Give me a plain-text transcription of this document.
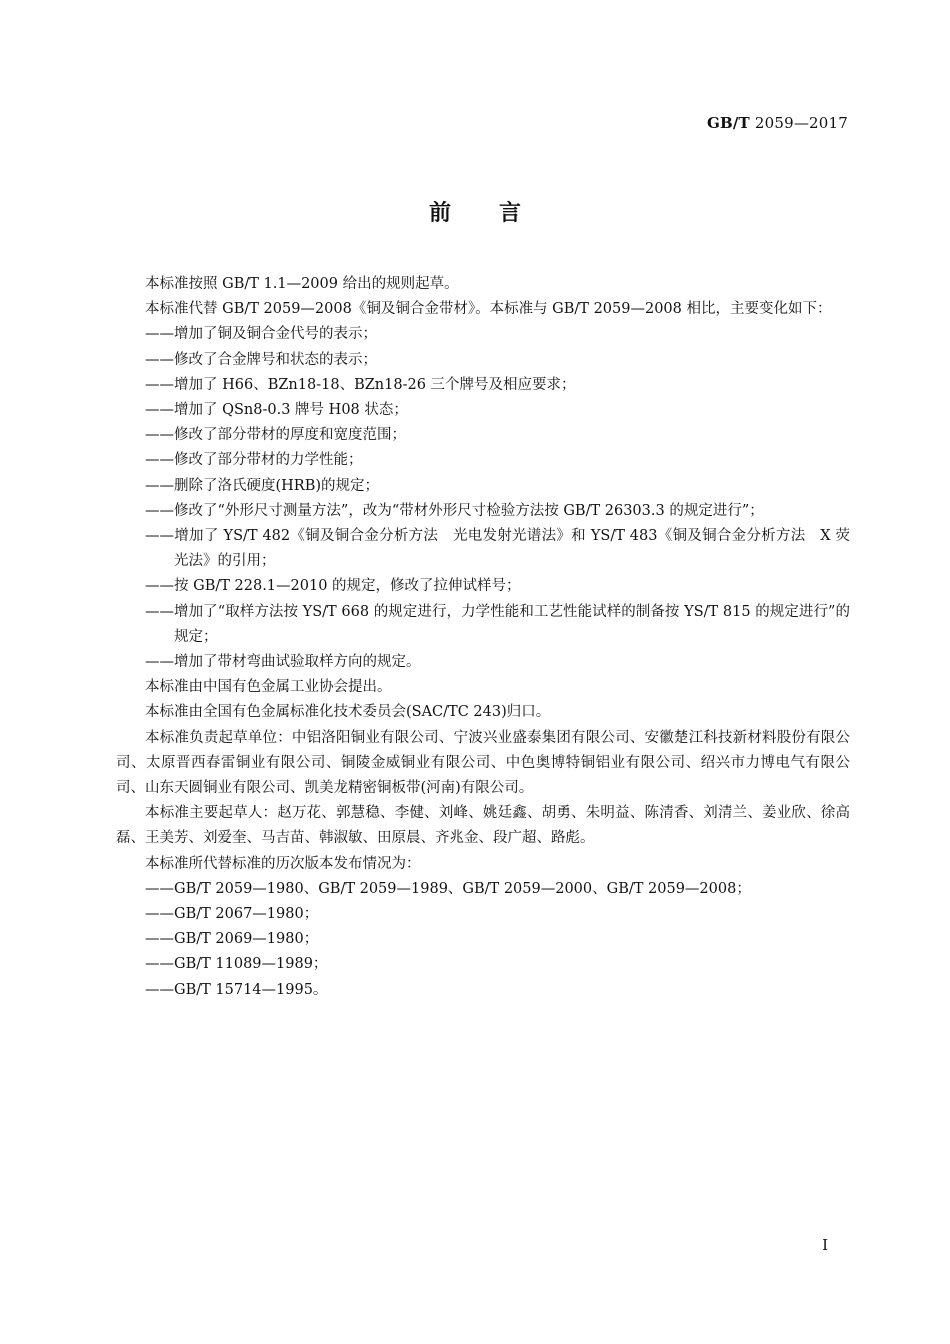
GB/T 2059—2017
前言

本标准按照 GB/T 1.1—2009 给出的规则起草。

本标准代替 GB/T 2059—2008《铜及铜合金带材》。本标准与 GB/T 2059—2008 相比，主要变化如下：

——增加了铜及铜合金代号的表示；

——修改了合金牌号和状态的表示；

——增加了 H66、BZn18-18、BZn18-26 三个牌号及相应要求；

——增加了 QSn8-0.3 牌号 H08 状态；

——修改了部分带材的厚度和宽度范围；

——修改了部分带材的力学性能；

——删除了洛氏硬度(HRB)的规定；

——修改了“外形尺寸测量方法”，改为“带材外形尺寸检验方法按 GB/T 26303.3 的规定进行”；

——增加了 YS/T 482《铜及铜合金分析方法　光电发射光谱法》和 YS/T 483《铜及铜合金分析方法　X 荧光法》的引用；

——按 GB/T 228.1—2010 的规定，修改了拉伸试样号；

——增加了“取样方法按 YS/T 668 的规定进行，力学性能和工艺性能试样的制备按 YS/T 815 的规定进行”的规定；

——增加了带材弯曲试验取样方向的规定。

本标准由中国有色金属工业协会提出。

本标准由全国有色金属标准化技术委员会(SAC/TC 243)归口。

本标准负责起草单位：中铝洛阳铜业有限公司、宁波兴业盛泰集团有限公司、安徽楚江科技新材料股份有限公司、太原晋西春雷铜业有限公司、铜陵金威铜业有限公司、中色奥博特铜铝业有限公司、绍兴市力博电气有限公司、山东天圆铜业有限公司、凯美龙精密铜板带(河南)有限公司。

本标准主要起草人：赵万花、郭慧稳、李健、刘峰、姚廷鑫、胡勇、朱明益、陈清香、刘清兰、姜业欣、徐高磊、王美芳、刘爱奎、马吉苗、韩淑敏、田原晨、齐兆金、段广超、路彪。

本标准所代替标准的历次版本发布情况为：

——GB/T 2059—1980、GB/T 2059—1989、GB/T 2059—2000、GB/T 2059—2008；

——GB/T 2067—1980；

——GB/T 2069—1980；

——GB/T 11089—1989；

——GB/T 15714—1995。

I
